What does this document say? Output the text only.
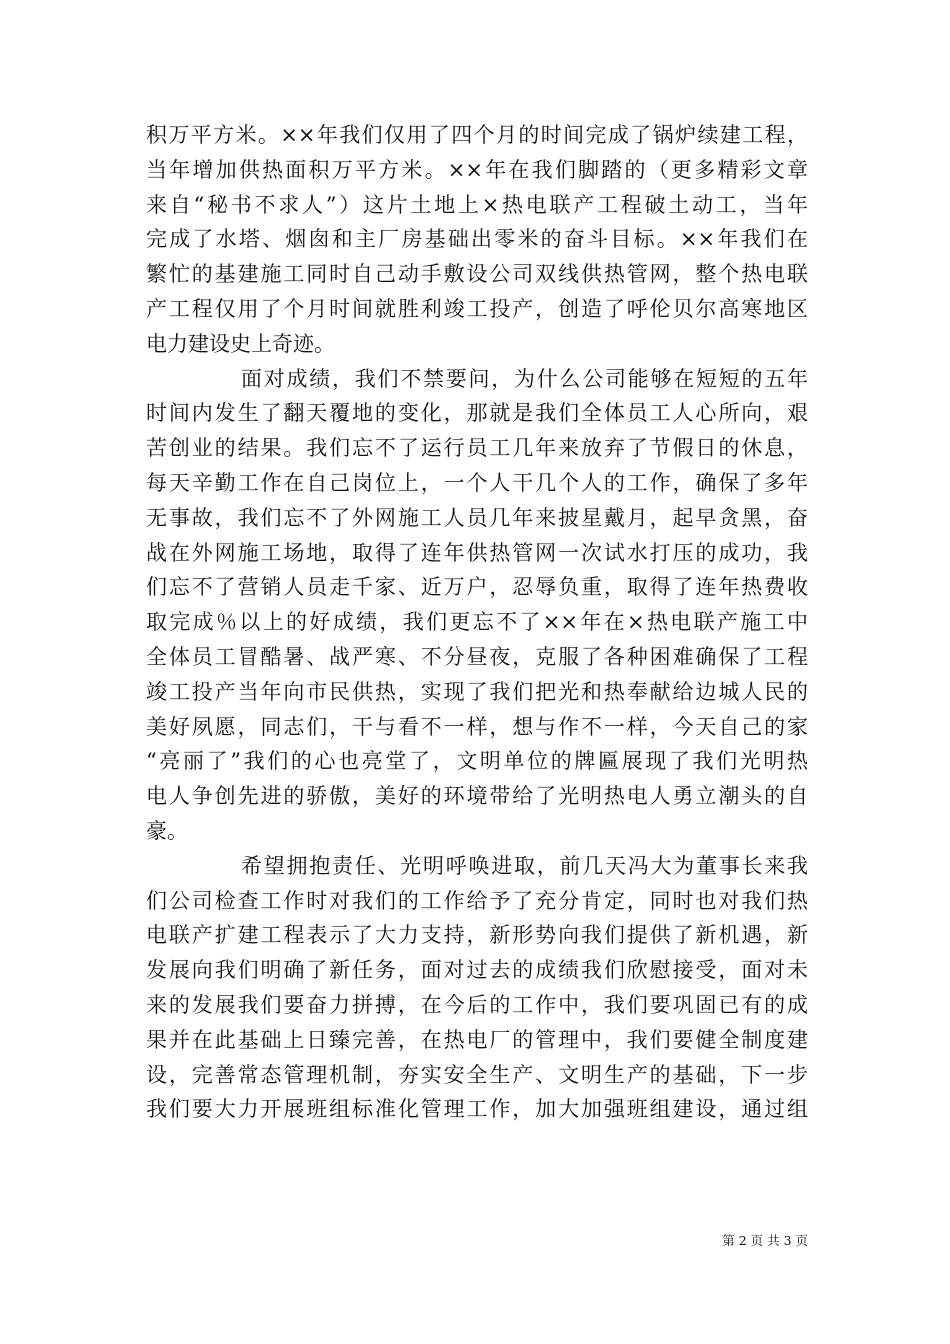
积万平方米。××年我们仅用了四个月的时间完成了锅炉续建工程，
当年增加供热面积万平方米。××年在我们脚踏的（更多精彩文章
来自“秘书不求人”）这片土地上×热电联产工程破土动工，当年
完成了水塔、烟囱和主厂房基础出零米的奋斗目标。××年我们在
繁忙的基建施工同时自己动手敷设公司双线供热管网，整个热电联
产工程仅用了个月时间就胜利竣工投产，创造了呼伦贝尔高寒地区
电力建设史上奇迹。
面对成绩，我们不禁要问，为什么公司能够在短短的五年
时间内发生了翻天覆地的变化，那就是我们全体员工人心所向，艰
苦创业的结果。我们忘不了运行员工几年来放弃了节假日的休息，
每天辛勤工作在自己岗位上，一个人干几个人的工作，确保了多年
无事故，我们忘不了外网施工人员几年来披星戴月，起早贪黑，奋
战在外网施工场地，取得了连年供热管网一次试水打压的成功，我
们忘不了营销人员走千家、近万户，忍辱负重，取得了连年热费收
取完成％以上的好成绩，我们更忘不了××年在×热电联产施工中
全体员工冒酷暑、战严寒、不分昼夜，克服了各种困难确保了工程
竣工投产当年向市民供热，实现了我们把光和热奉献给边城人民的
美好夙愿，同志们，干与看不一样，想与作不一样，今天自己的家
“亮丽了”我们的心也亮堂了，文明单位的牌匾展现了我们光明热
电人争创先进的骄傲，美好的环境带给了光明热电人勇立潮头的自
豪。
希望拥抱责任、光明呼唤进取，前几天冯大为董事长来我
们公司检查工作时对我们的工作给予了充分肯定，同时也对我们热
电联产扩建工程表示了大力支持，新形势向我们提供了新机遇，新
发展向我们明确了新任务，面对过去的成绩我们欣慰接受，面对未
来的发展我们要奋力拼搏，在今后的工作中，我们要巩固已有的成
果并在此基础上日臻完善，在热电厂的管理中，我们要健全制度建
设，完善常态管理机制，夯实安全生产、文明生产的基础，下一步
我们要大力开展班组标准化管理工作，加大加强班组建设，通过组
第 2 页 共 3 页
